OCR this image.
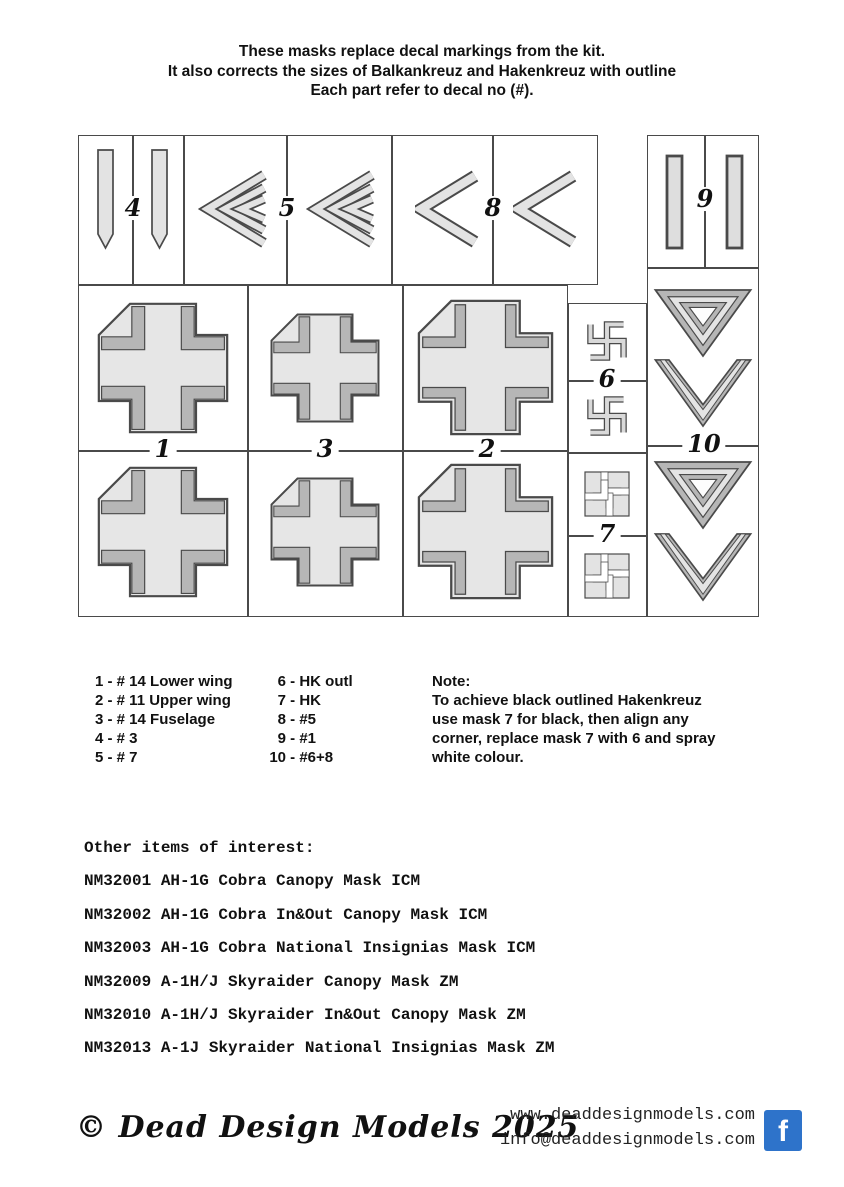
These masks replace decal markings from the kit.
It also corrects the sizes of Balkankreuz and Hakenkreuz with outline
Each part refer to decal no (#).
4	5	8	9
1	3	2
6
7
10
1 - # 14 Lower wing
2 - # 11 Upper wing
3 - # 14 Fuselage
4 - # 3
5 - # 7
6 - HK outl
7 - HK
8 - #5
9 - #1
10 - #6+8
Note:
To achieve black outlined Hakenkreuz
use mask 7 for black, then align any
corner, replace mask 7 with 6 and spray
white colour.
Other items of interest:
NM32001 AH-1G Cobra Canopy Mask ICM
NM32002 AH-1G Cobra In&Out Canopy Mask ICM
NM32003 AH-1G Cobra National Insignias Mask ICM
NM32009 A-1H/J Skyraider Canopy Mask ZM
NM32010 A-1H/J Skyraider In&Out Canopy Mask ZM
NM32013 A-1J Skyraider National Insignias Mask ZM
© Dead Design Models 2025
www.deaddesignmodels.com
info@deaddesignmodels.com f
